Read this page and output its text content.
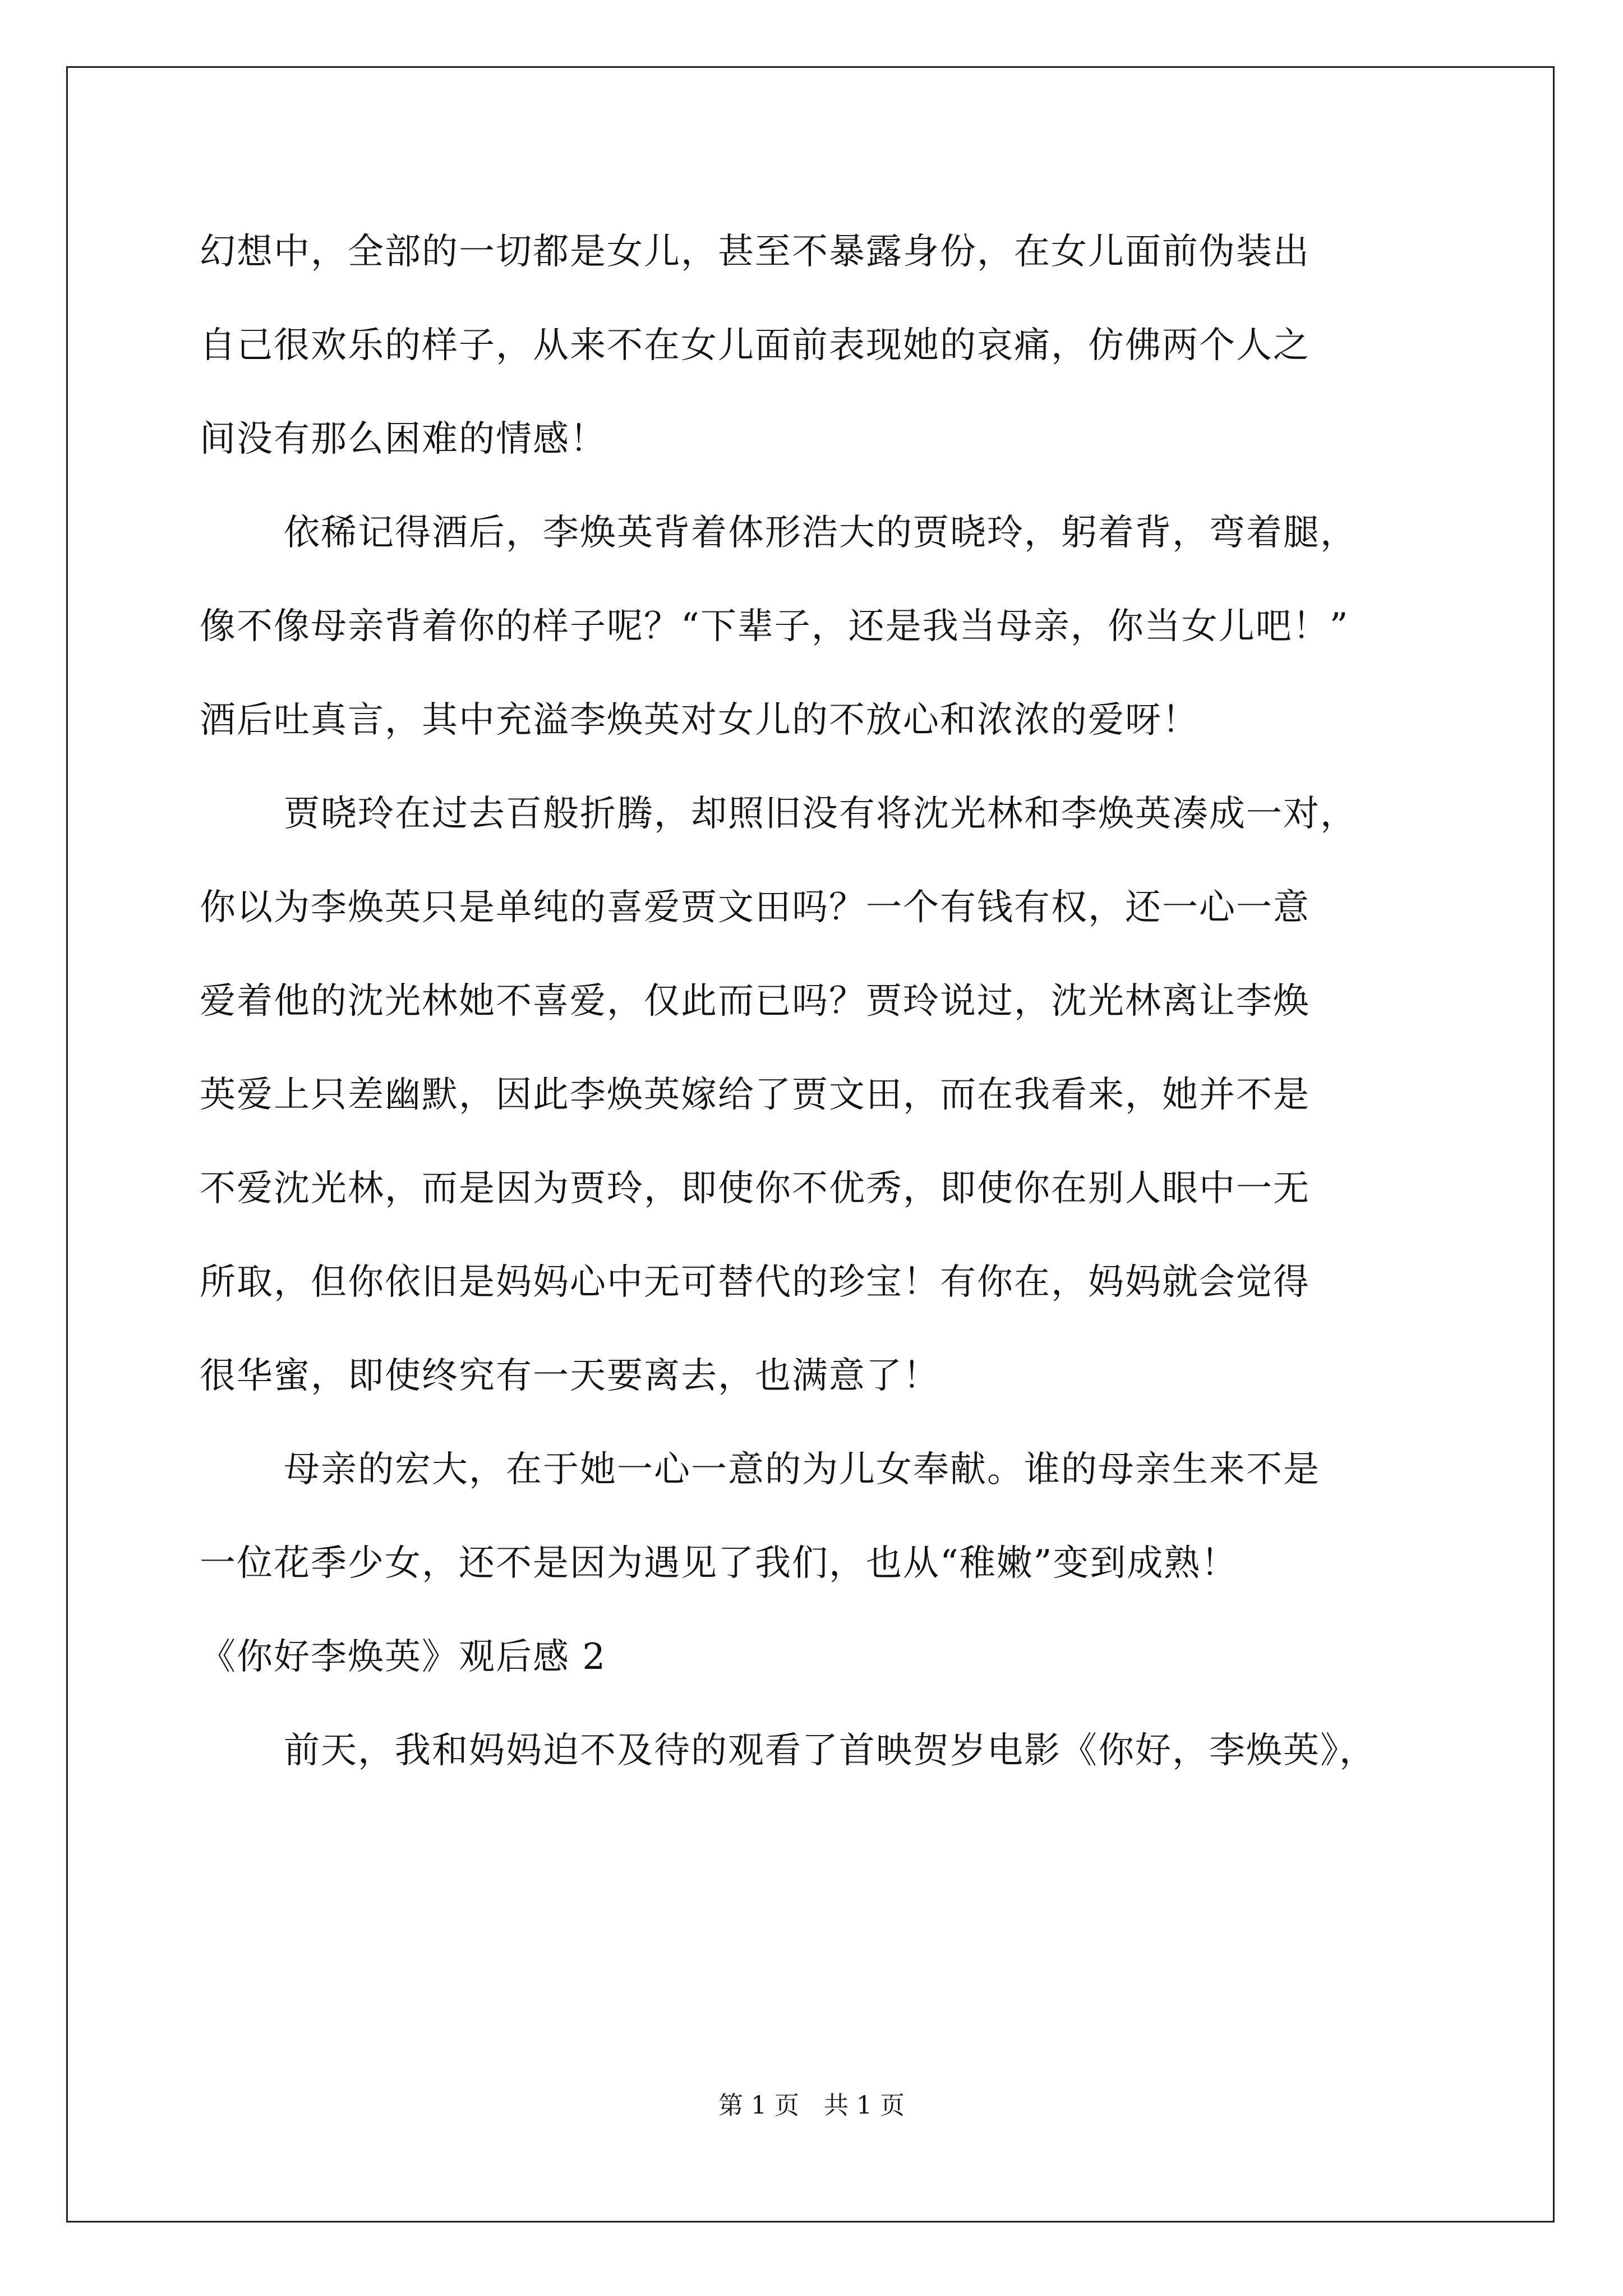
幻想中，全部的一切都是女儿，甚至不暴露身份，在女儿面前伪装出
自己很欢乐的样子，从来不在女儿面前表现她的哀痛，仿佛两个人之
间没有那么困难的情感！
依稀记得酒后，李焕英背着体形浩大的贾晓玲，躬着背，弯着腿，
像不像母亲背着你的样子呢？“下辈子，还是我当母亲，你当女儿吧！”
酒后吐真言，其中充溢李焕英对女儿的不放心和浓浓的爱呀！
贾晓玲在过去百般折腾，却照旧没有将沈光林和李焕英凑成一对，
你以为李焕英只是单纯的喜爱贾文田吗？一个有钱有权，还一心一意
爱着他的沈光林她不喜爱，仅此而已吗？贾玲说过，沈光林离让李焕
英爱上只差幽默，因此李焕英嫁给了贾文田，而在我看来，她并不是
不爱沈光林，而是因为贾玲，即使你不优秀，即使你在别人眼中一无
所取，但你依旧是妈妈心中无可替代的珍宝！有你在，妈妈就会觉得
很华蜜，即使终究有一天要离去，也满意了！
母亲的宏大，在于她一心一意的为儿女奉献。谁的母亲生来不是
一位花季少女，还不是因为遇见了我们，也从“稚嫩”变到成熟！
《你好李焕英》观后感 2
前天，我和妈妈迫不及待的观看了首映贺岁电影《你好，李焕英》，
第 1 页　共 1 页
